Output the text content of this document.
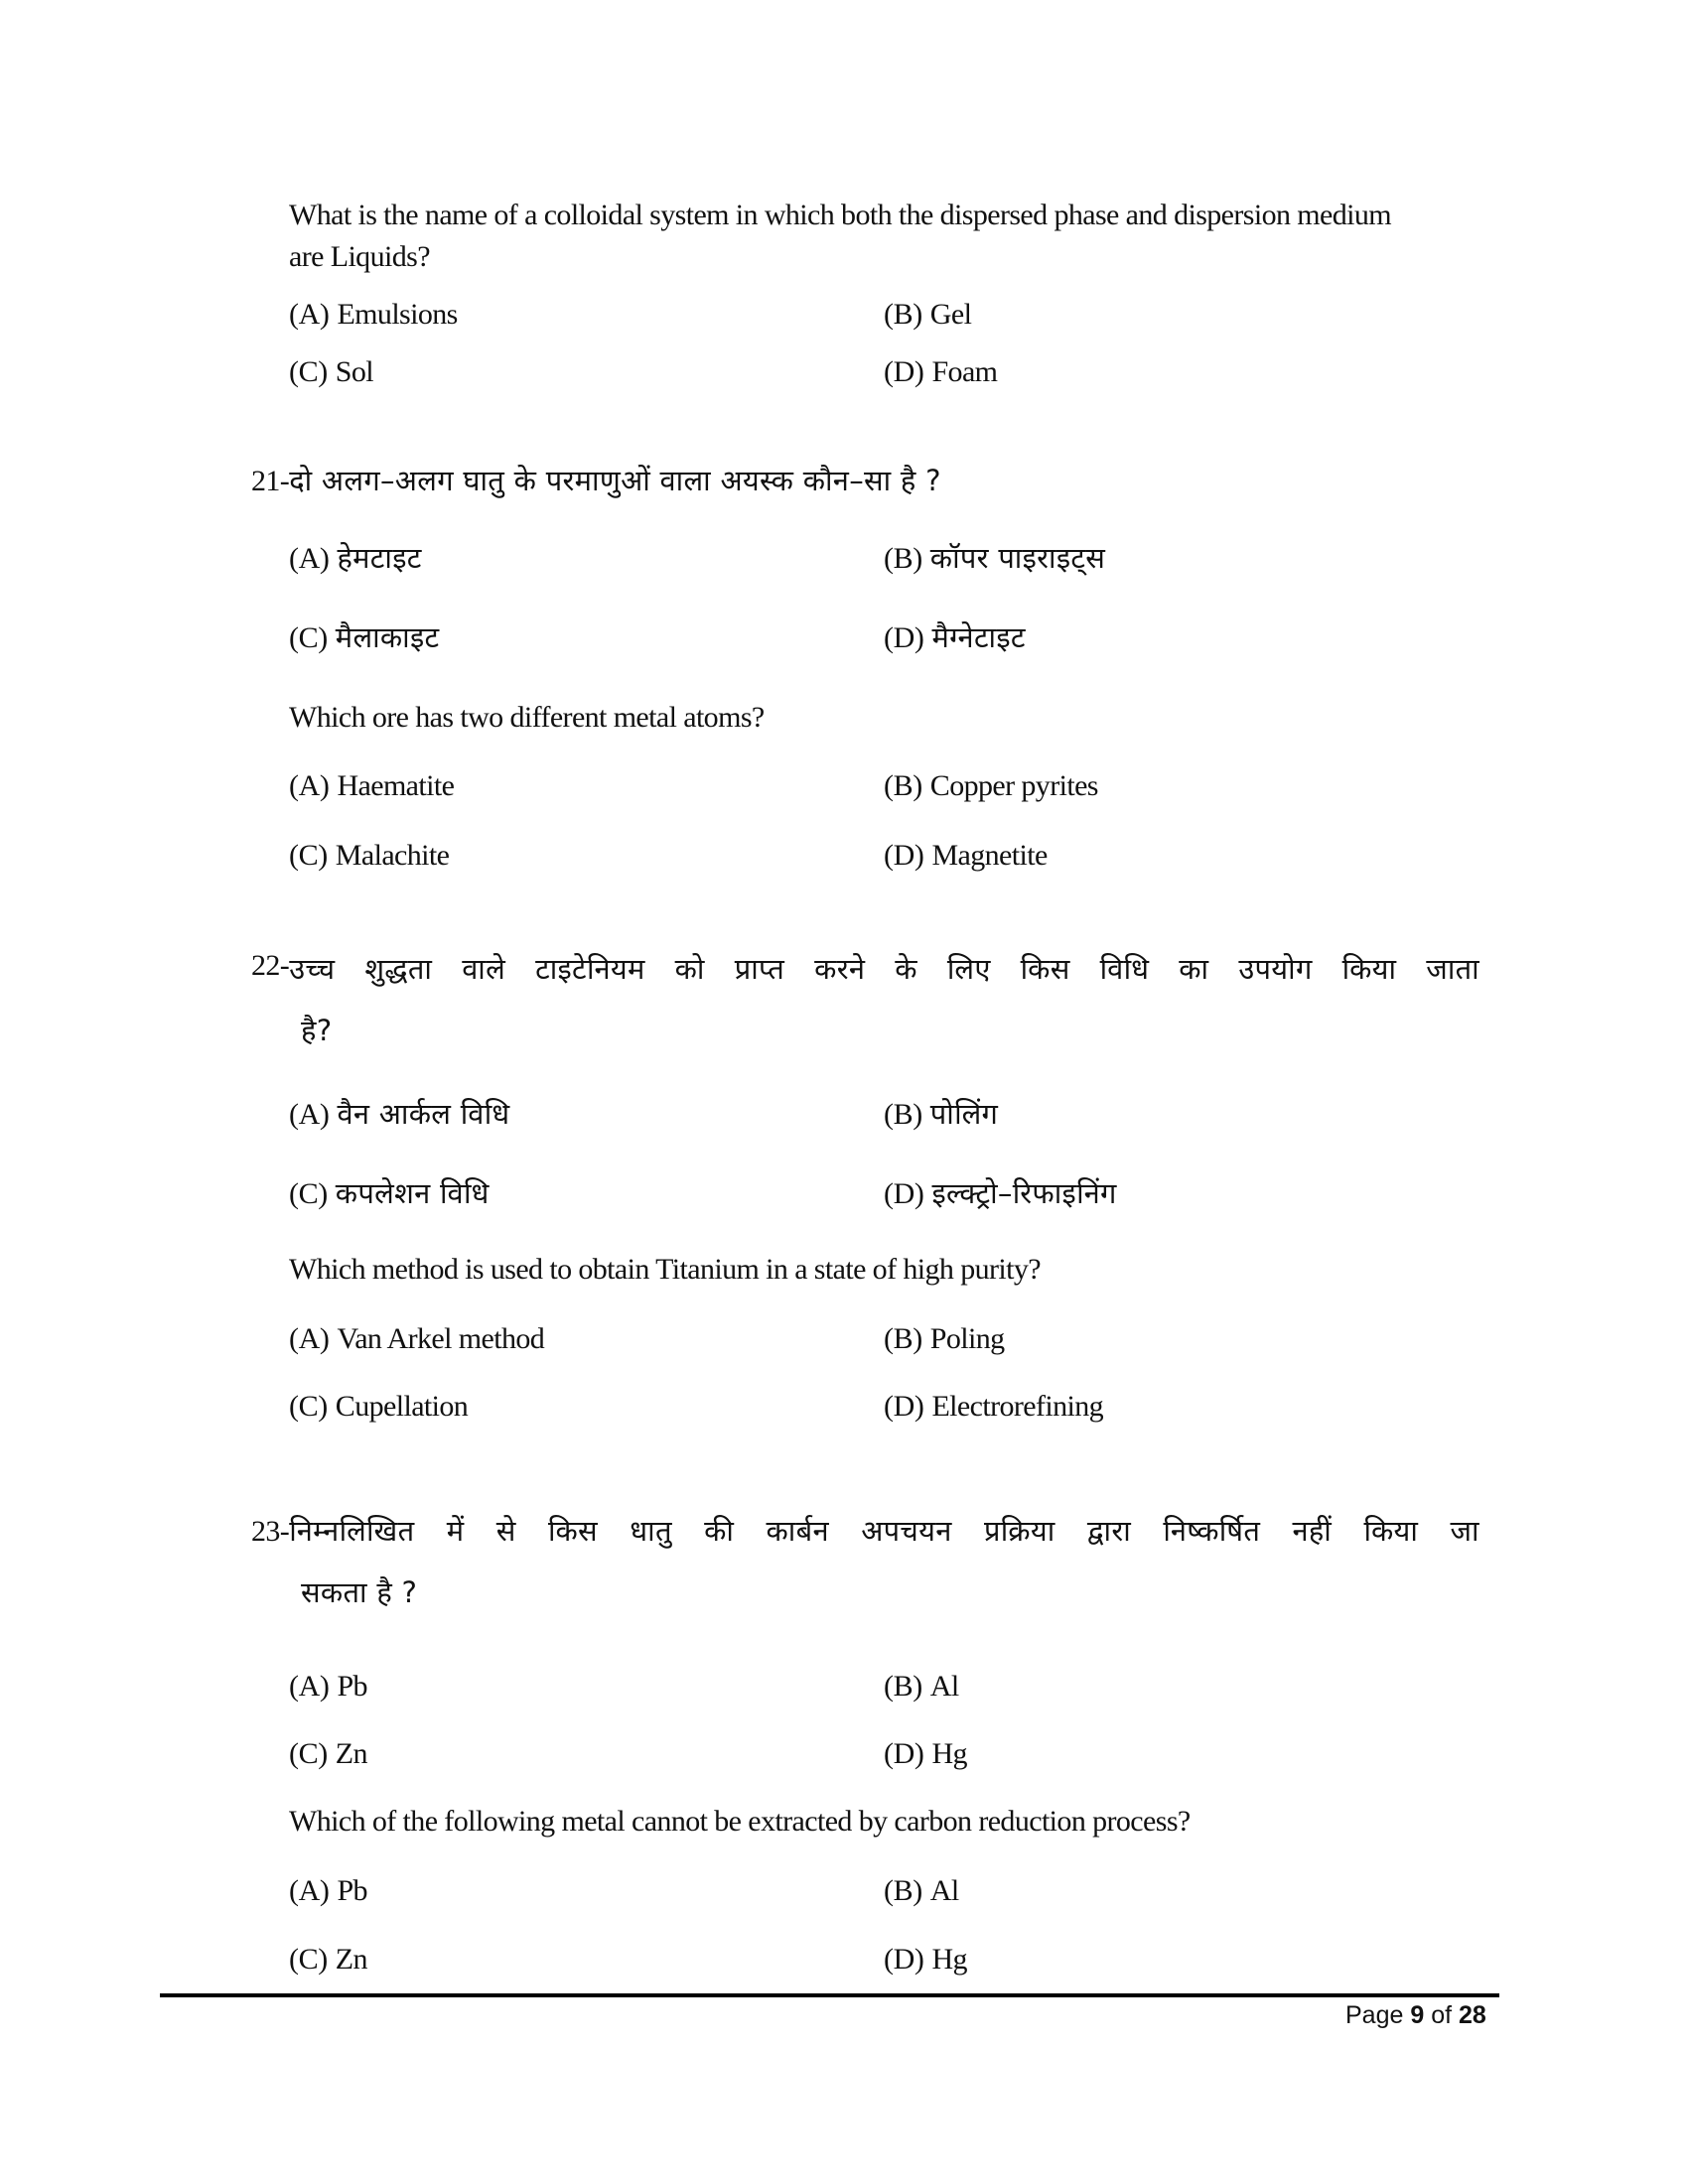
What is the name of a colloidal system in which both the dispersed phase and dispersion medium
are Liquids?
(A) Emulsions	(B) Gel
(C) Sol	(D) Foam
21-दो अलग–अलग घातु के परमाणुओं वाला अयस्क कौन–सा है ?
(A) हेमटाइट	(B) कॉपर पाइराइट्स
(C) मैलाकाइट	(D) मैग्नेटाइट
Which ore has two different metal atoms?
(A) Haematite	(B) Copper pyrites
(C) Malachite	(D) Magnetite
22- उच्च शुद्धता वाले टाइटेनियम को प्राप्त करने के लिए किस विधि का उपयोग किया जाता
है?
(A) वैन आर्कल विधि	(B) पोलिंग
(C) कपलेशन विधि	(D) इल्क्ट्रो–रिफाइनिंग
Which method is used to obtain Titanium in a state of high purity?
(A) Van Arkel method	(B) Poling
(C) Cupellation	(D) Electrorefining
23-निम्नलिखित में से किस धातु की कार्बन अपचयन प्रक्रिया द्वारा निष्कर्षित नहीं किया जा
सकता है ?
(A) Pb	(B) Al
(C) Zn	(D) Hg
Which of the following metal cannot be extracted by carbon reduction process?
(A) Pb	(B) Al
(C) Zn	(D) Hg
Page 9 of 28
